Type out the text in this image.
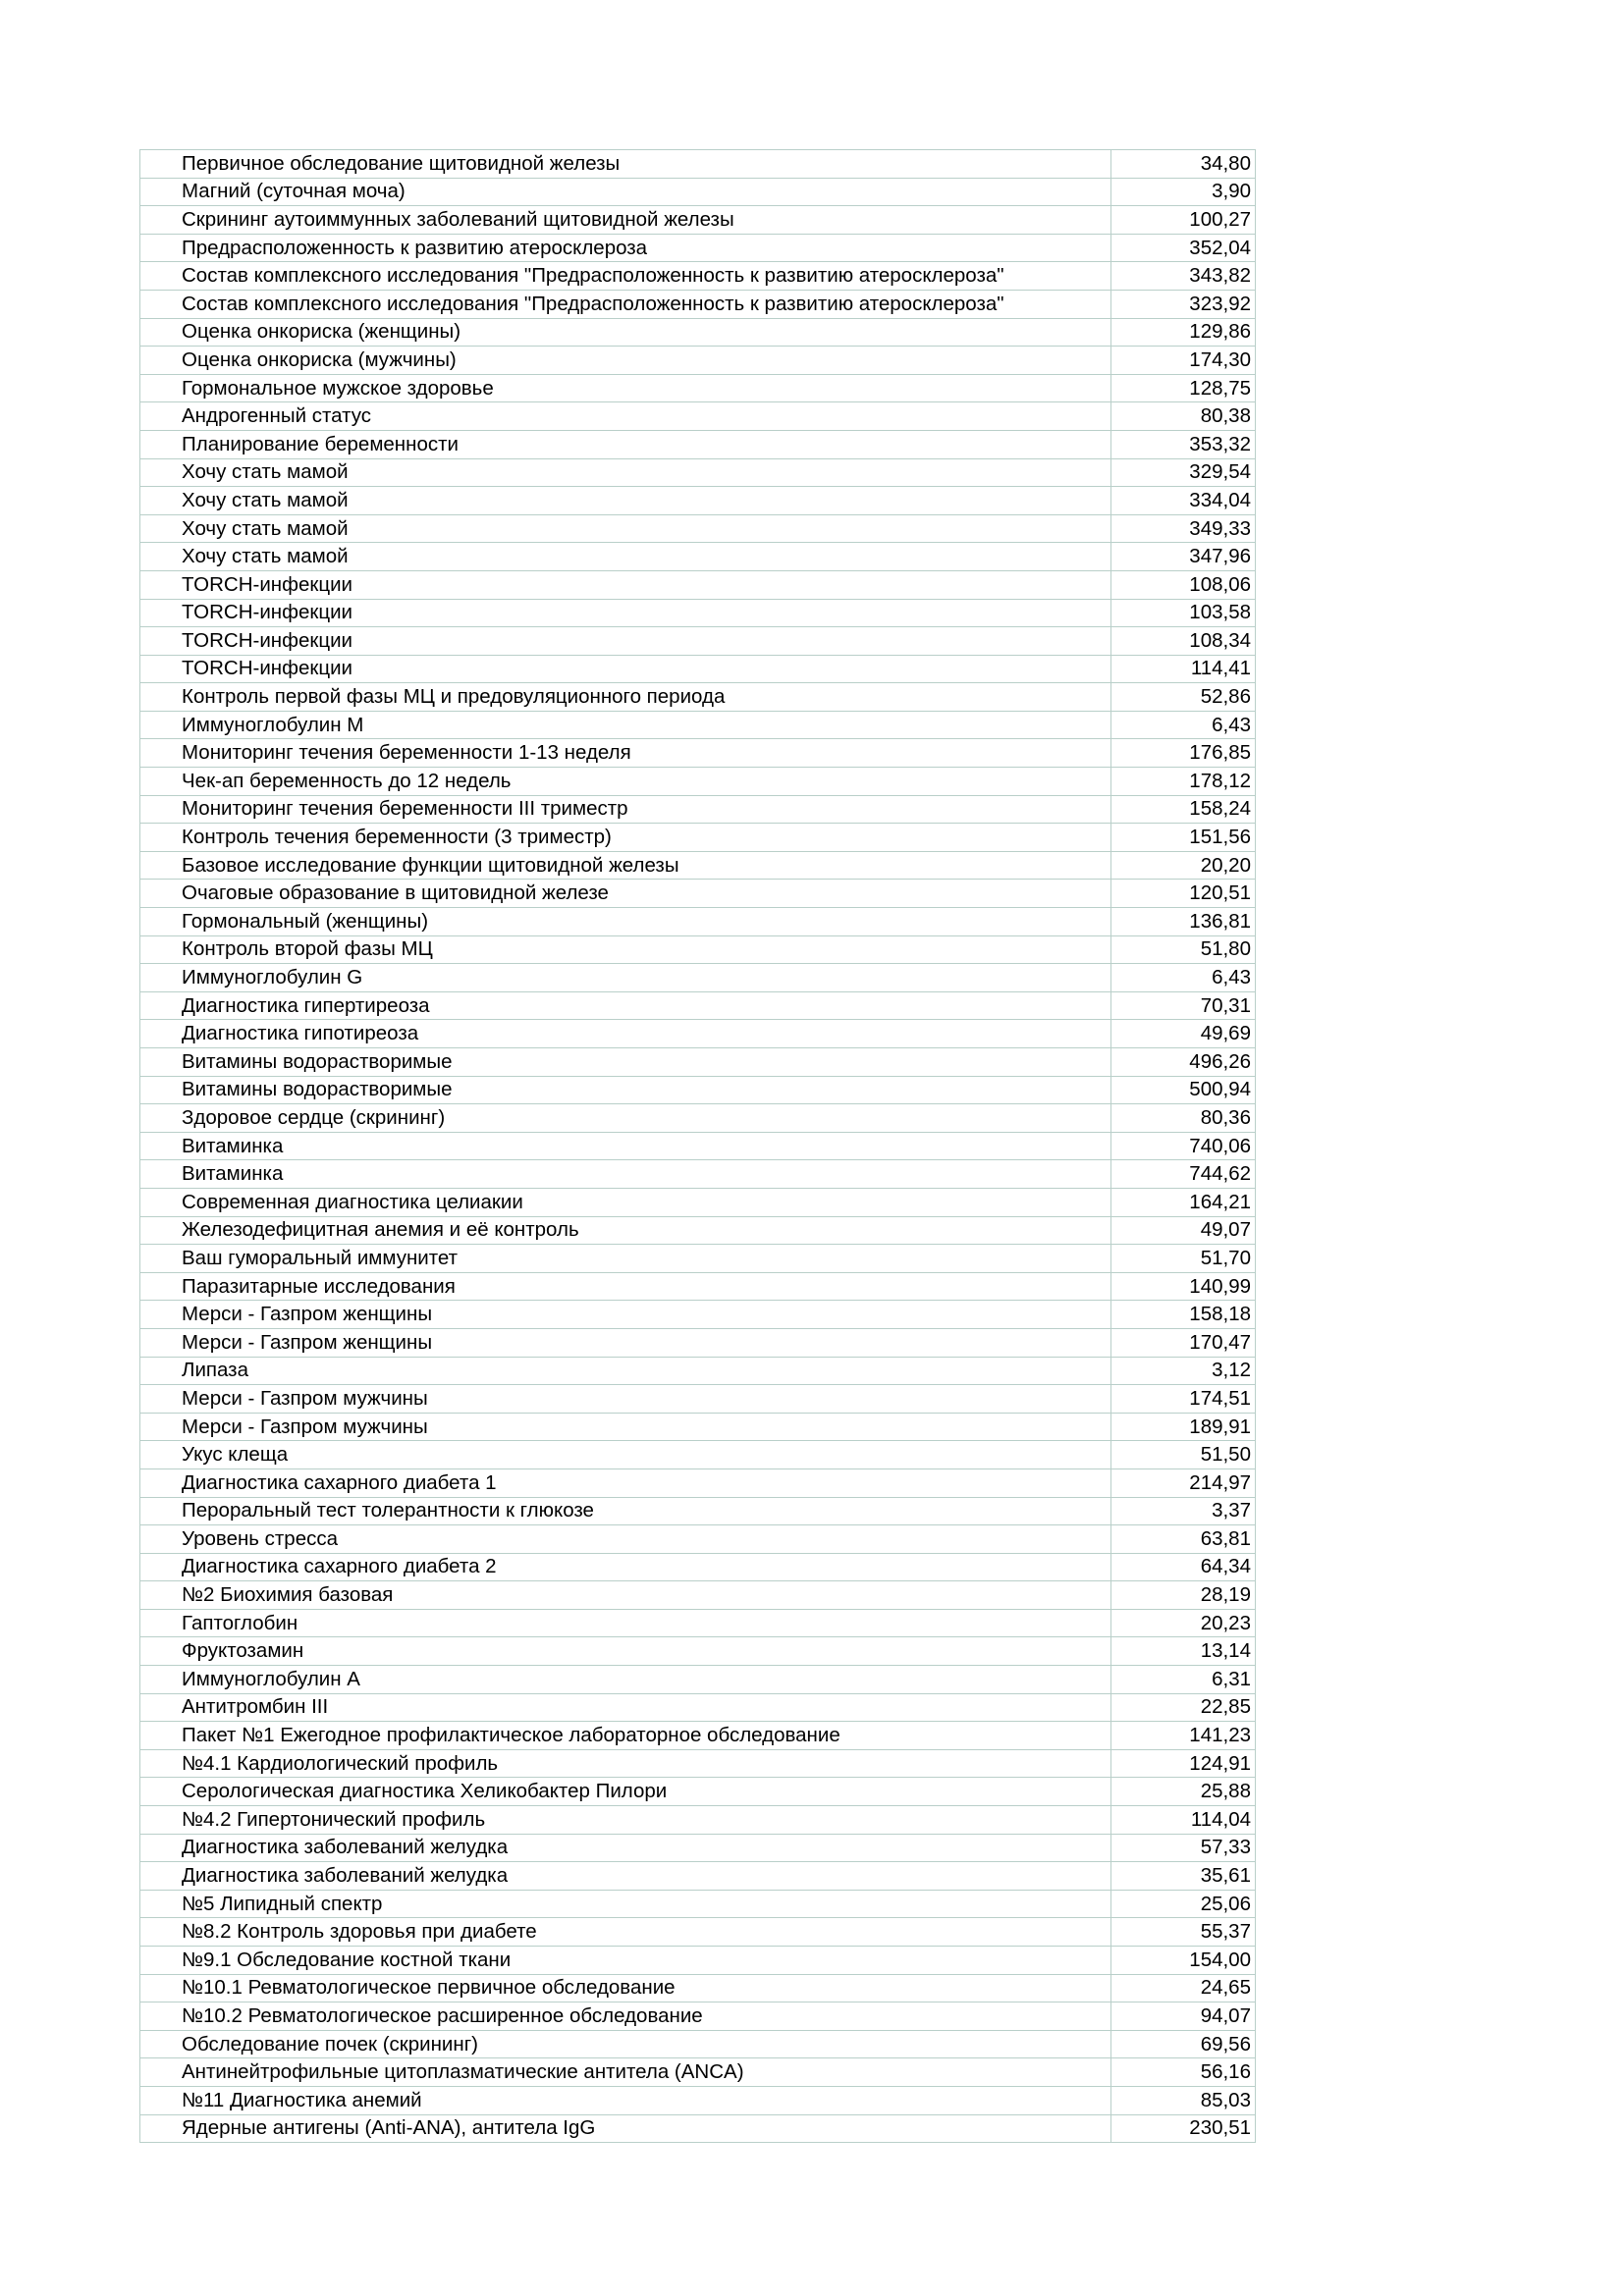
Первичное обследование щитовидной железы	34,80
Магний (суточная моча)	3,90
Скрининг аутоиммунных заболеваний щитовидной железы	100,27
Предрасположенность к развитию атеросклероза	352,04
Состав комплексного исследования "Предрасположенность к развитию атеросклероза"	343,82
Состав комплексного исследования "Предрасположенность к развитию атеросклероза"	323,92
Оценка онкориска (женщины)	129,86
Оценка онкориска (мужчины)	174,30
Гормональное мужское здоровье	128,75
Андрогенный статус	80,38
Планирование беременности	353,32
Хочу стать мамой	329,54
Хочу стать мамой	334,04
Хочу стать мамой	349,33
Хочу стать мамой	347,96
TORCH-инфекции	108,06
TORCH-инфекции	103,58
TORCH-инфекции	108,34
TORCH-инфекции	114,41
Контроль первой фазы МЦ и предовуляционного периода	52,86
Иммуноглобулин M	6,43
Мониторинг течения беременности 1-13 неделя	176,85
Чек-ап беременность до 12 недель	178,12
Мониторинг течения беременности III триместр	158,24
Контроль течения беременности (3 триместр)	151,56
Базовое исследование функции щитовидной железы	20,20
Очаговые образование в щитовидной железе	120,51
Гормональный (женщины)	136,81
Контроль второй фазы МЦ	51,80
Иммуноглобулин G	6,43
Диагностика гипертиреоза	70,31
Диагностика гипотиреоза	49,69
Витамины водорастворимые	496,26
Витамины водорастворимые	500,94
Здоровое сердце (скрининг)	80,36
Витаминка	740,06
Витаминка	744,62
Современная диагностика целиакии	164,21
Железодефицитная анемия и её контроль	49,07
Ваш гуморальный иммунитет	51,70
Паразитарные исследования	140,99
Мерси - Газпром женщины	158,18
Мерси - Газпром женщины	170,47
Липаза	3,12
Мерси - Газпром мужчины	174,51
Мерси - Газпром мужчины	189,91
Укус клеща	51,50
Диагностика сахарного диабета 1	214,97
Пероральный тест толерантности к глюкозе	3,37
Уровень стресса	63,81
Диагностика сахарного диабета 2	64,34
№2 Биохимия базовая	28,19
Гаптоглобин	20,23
Фруктозамин	13,14
Иммуноглобулин A	6,31
Антитромбин III	22,85
Пакет №1 Ежегодное профилактическое лабораторное обследование	141,23
№4.1 Кардиологический профиль	124,91
Серологическая диагностика Хеликобактер Пилори	25,88
№4.2 Гипертонический профиль	114,04
Диагностика заболеваний желудка	57,33
Диагностика заболеваний желудка	35,61
№5 Липидный спектр	25,06
№8.2 Контроль здоровья при диабете	55,37
№9.1 Обследование костной ткани	154,00
№10.1 Ревматологическое первичное обследование	24,65
№10.2 Ревматологическое расширенное обследование	94,07
Обследование почек (скрининг)	69,56
Антинейтрофильные цитоплазматические антитела (ANCA)	56,16
№11 Диагностика анемий	85,03
Ядерные антигены (Anti-ANA), антитела IgG	230,51
